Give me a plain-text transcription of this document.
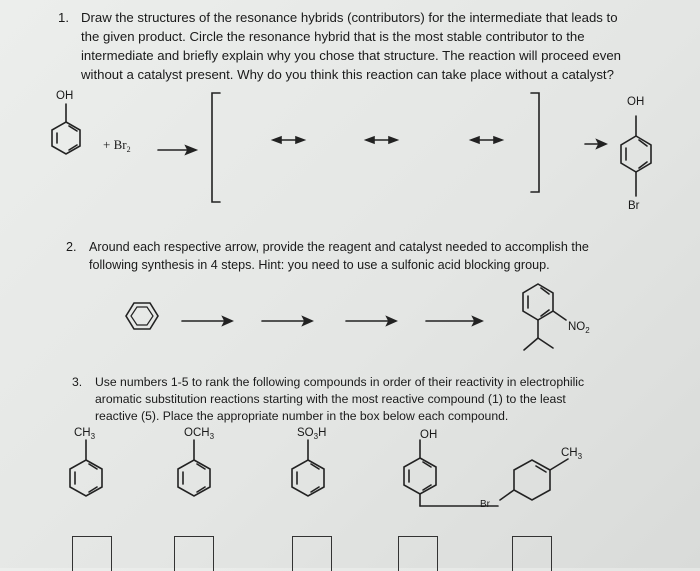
1. Draw the structures of the resonance hybrids (contributors) for the intermediate that leads to
the given product. Circle the resonance hybrid that is the most stable contributor to the
intermediate and briefly explain why you chose that structure. The reaction will proceed even
without a catalyst present. Why do you think this reaction can take place without a catalyst?
2. Around each respective arrow, provide the reagent and catalyst needed to accomplish the
following synthesis in 4 steps. Hint: you need to use a sulfonic acid blocking group.
3. Use numbers 1-5 to rank the following compounds in order of their reactivity in electrophilic
aromatic substitution reactions starting with the most reactive compound (1) to the least
reactive (5). Place the appropriate number in the box below each compound.
OH
+ $Br_2$
OH
Br
$NO_2$
$CH_3$	$OCH_3$	$SO_3H$	OH
Br
$CH_3$
